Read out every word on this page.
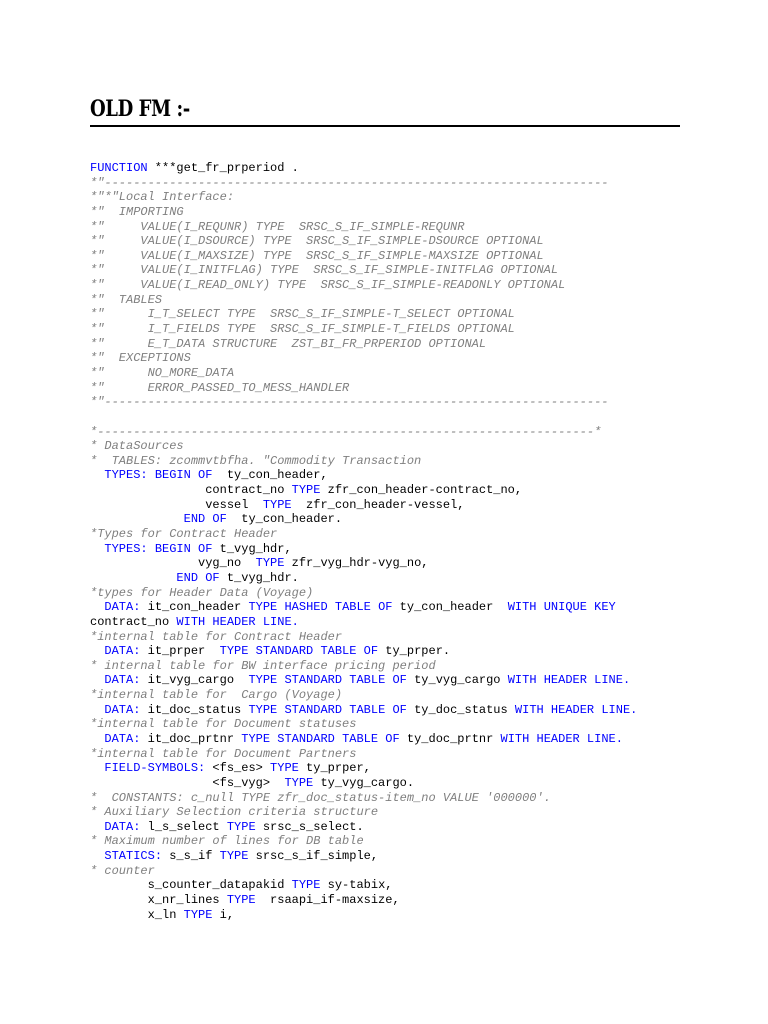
OLD FM :-
FUNCTION ***get_fr_prperiod .
*"----------------------------------------------------------------------
*"*"Local Interface:
*"  IMPORTING
*"     VALUE(I_REQUNR) TYPE  SRSC_S_IF_SIMPLE-REQUNR
*"     VALUE(I_DSOURCE) TYPE  SRSC_S_IF_SIMPLE-DSOURCE OPTIONAL
*"     VALUE(I_MAXSIZE) TYPE  SRSC_S_IF_SIMPLE-MAXSIZE OPTIONAL
*"     VALUE(I_INITFLAG) TYPE  SRSC_S_IF_SIMPLE-INITFLAG OPTIONAL
*"     VALUE(I_READ_ONLY) TYPE  SRSC_S_IF_SIMPLE-READONLY OPTIONAL
*"  TABLES
*"      I_T_SELECT TYPE  SRSC_S_IF_SIMPLE-T_SELECT OPTIONAL
*"      I_T_FIELDS TYPE  SRSC_S_IF_SIMPLE-T_FIELDS OPTIONAL
*"      E_T_DATA STRUCTURE  ZST_BI_FR_PRPERIOD OPTIONAL
*"  EXCEPTIONS
*"      NO_MORE_DATA
*"      ERROR_PASSED_TO_MESS_HANDLER
*"----------------------------------------------------------------------
*---------------------------------------------------------------------*
* DataSources
*  TABLES: zcommvtbfha. "Commodity Transaction
TYPES: BEGIN OF  ty_con_header,
contract_no TYPE zfr_con_header-contract_no,
vessel  TYPE  zfr_con_header-vessel,
END OF  ty_con_header.
*Types for Contract Header
TYPES: BEGIN OF t_vyg_hdr,
vyg_no  TYPE zfr_vyg_hdr-vyg_no,
END OF t_vyg_hdr.
*types for Header Data (Voyage)
DATA: it_con_header TYPE HASHED TABLE OF ty_con_header  WITH UNIQUE KEY
contract_no WITH HEADER LINE.
*internal table for Contract Header
DATA: it_prper  TYPE STANDARD TABLE OF ty_prper.
* internal table for BW interface pricing period
DATA: it_vyg_cargo  TYPE STANDARD TABLE OF ty_vyg_cargo WITH HEADER LINE.
*internal table for  Cargo (Voyage)
DATA: it_doc_status TYPE STANDARD TABLE OF ty_doc_status WITH HEADER LINE.
*internal table for Document statuses
DATA: it_doc_prtnr TYPE STANDARD TABLE OF ty_doc_prtnr WITH HEADER LINE.
*internal table for Document Partners
FIELD-SYMBOLS: <fs_es> TYPE ty_prper,
<fs_vyg>  TYPE ty_vyg_cargo.
*  CONSTANTS: c_null TYPE zfr_doc_status-item_no VALUE '000000'.
* Auxiliary Selection criteria structure
DATA: l_s_select TYPE srsc_s_select.
* Maximum number of lines for DB table
STATICS: s_s_if TYPE srsc_s_if_simple,
* counter
s_counter_datapakid TYPE sy-tabix,
x_nr_lines TYPE  rsaapi_if-maxsize,
x_ln TYPE i,
